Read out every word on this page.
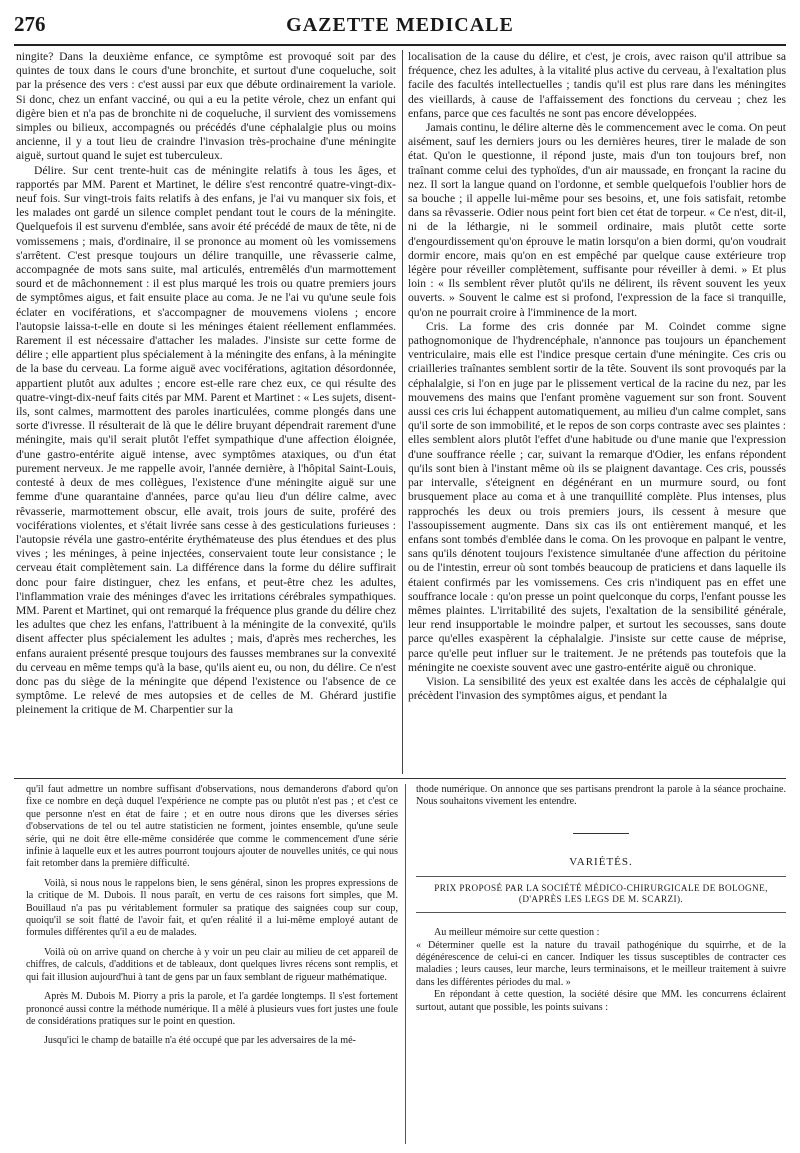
276	GAZETTE MEDICALE

ningite? Dans la deuxième enfance, ce symptôme est provoqué soit par des quintes de toux dans le cours d'une bronchite, et surtout d'une coqueluche, soit par la présence des vers : c'est aussi par eux que débute ordinairement la variole. Si donc, chez un enfant vacciné, ou qui a eu la petite vérole, chez un enfant qui digère bien et n'a pas de bronchite ni de coqueluche, il survient des vomissemens simples ou bilieux, accompagnés ou précédés d'une céphalalgie plus ou moins ancienne, il y a tout lieu de craindre l'invasion très-prochaine d'une méningite aiguë, surtout quand le sujet est tuberculeux.

Délire. Sur cent trente-huit cas de méningite relatifs à tous les âges, et rapportés par MM. Parent et Martinet, le délire s'est rencontré quatre-vingt-dix-neuf fois. Sur vingt-trois faits relatifs à des enfans, je l'ai vu manquer six fois, et les malades ont gardé un silence complet pendant tout le cours de la méningite. Quelquefois il est survenu d'emblée, sans avoir été précédé de maux de tête, ni de vomissemens ; mais, d'ordinaire, il se prononce au moment où les vomissemens s'arrêtent. C'est presque toujours un délire tranquille, une rêvasserie calme, accompagnée de mots sans suite, mal articulés, entremêlés d'un marmottement sourd et de mâchonnement : il est plus marqué les trois ou quatre premiers jours de symptômes aigus, et fait ensuite place au coma. Je ne l'ai vu qu'une seule fois éclater en vociférations, et s'accompagner de mouvemens violens ; encore l'autopsie laissa-t-elle en doute si les méninges étaient réellement enflammées. Rarement il est nécessaire d'attacher les malades. J'insiste sur cette forme de délire ; elle appartient plus spécialement à la méningite des enfans, à la méningite de la base du cerveau. La forme aiguë avec vociférations, agitation désordonnée, appartient plutôt aux adultes ; encore est-elle rare chez eux, ce qui résulte des quatre-vingt-dix-neuf faits cités par MM. Parent et Martinet : « Les sujets, disent-ils, sont calmes, marmottent des paroles inarticulées, comme plongés dans une sorte d'ivresse. Il résulterait de là que le délire bruyant dépendrait rarement d'une méningite, mais qu'il serait plutôt l'effet sympathique d'une affection éloignée, d'une gastro-entérite aiguë intense, avec symptômes ataxiques, ou d'un état purement nerveux. Je me rappelle avoir, l'année dernière, à l'hôpital Saint-Louis, contesté à deux de mes collègues, l'existence d'une méningite aiguë sur une femme d'une quarantaine d'années, parce qu'au lieu d'un délire calme, avec rêvasserie, marmottement obscur, elle avait, trois jours de suite, proféré des vociférations violentes, et s'était livrée sans cesse à des gesticulations furieuses : l'autopsie révéla une gastro-entérite érythémateuse des plus étendues et des plus vives ; les méninges, à peine injectées, conservaient toute leur consistance ; le cerveau était complètement sain. La différence dans la forme du délire suffirait donc pour faire distinguer, chez les enfans, et peut-être chez les adultes, l'inflammation vraie des méninges d'avec les irritations cérébrales sympathiques. MM. Parent et Martinet, qui ont remarqué la fréquence plus grande du délire chez les adultes que chez les enfans, l'attribuent à la méningite de la convexité, qu'ils disent affecter plus spécialement les adultes ; mais, d'après mes recherches, les enfans auraient présenté presque toujours des fausses membranes sur la convexité du cerveau en même temps qu'à la base, qu'ils aient eu, ou non, du délire. Ce n'est donc pas du siège de la méningite que dépend l'existence ou l'absence de ce symptôme. Le relevé de mes autopsies et de celles de M. Ghérard justifie pleinement la critique de M. Charpentier sur la

localisation de la cause du délire, et c'est, je crois, avec raison qu'il attribue sa fréquence, chez les adultes, à la vitalité plus active du cerveau, à l'exaltation plus facile des facultés intellectuelles ; tandis qu'il est plus rare dans les méningites des vieillards, à cause de l'affaissement des fonctions du cerveau ; chez les enfans, parce que ces facultés ne sont pas encore développées.

Jamais continu, le délire alterne dès le commencement avec le coma. On peut aisément, sauf les derniers jours ou les dernières heures, tirer le malade de son état. Qu'on le questionne, il répond juste, mais d'un ton toujours bref, non traînant comme celui des typhoïdes, d'un air maussade, en fronçant la racine du nez. Il sort la langue quand on l'ordonne, et semble quelquefois l'oublier hors de sa bouche ; il appelle lui-même pour ses besoins, et, une fois satisfait, retombe dans sa rêvasserie. Odier nous peint fort bien cet état de torpeur. « Ce n'est, dit-il, ni de la léthargie, ni le sommeil ordinaire, mais plutôt cette sorte d'engourdissement qu'on éprouve le matin lorsqu'on a bien dormi, qu'on voudrait dormir encore, mais qu'on en est empêché par quelque cause extérieure trop légère pour réveiller complètement, suffisante pour réveiller à demi. » Et plus loin : « Ils semblent rêver plutôt qu'ils ne délirent, ils rêvent souvent les yeux ouverts. » Souvent le calme est si profond, l'expression de la face si tranquille, qu'on ne pourrait croire à l'imminence de la mort.

Cris. La forme des cris donnée par M. Coindet comme signe pathognomonique de l'hydrencéphale, n'annonce pas toujours un épanchement ventriculaire, mais elle est l'indice presque certain d'une méningite. Ces cris ou criailleries traînantes semblent sortir de la tête. Souvent ils sont provoqués par la céphalalgie, si l'on en juge par le plissement vertical de la racine du nez, par les mouvemens des mains que l'enfant promène vaguement sur son front. Souvent aussi ces cris lui échappent automatiquement, au milieu d'un calme complet, sans qu'il sorte de son immobilité, et le repos de son corps contraste avec ses plaintes : elles semblent alors plutôt l'effet d'une habitude ou d'une manie que l'expression d'une souffrance réelle ; car, suivant la remarque d'Odier, les enfans répondent qu'ils sont bien à l'instant même où ils se plaignent davantage. Ces cris, poussés par intervalle, s'éteignent en dégénérant en un murmure sourd, ou font brusquement place au coma et à une tranquillité complète. Plus intenses, plus rapprochés les deux ou trois premiers jours, ils cessent à mesure que l'assoupissement augmente. Dans six cas ils ont entièrement manqué, et les enfans sont tombés d'emblée dans le coma. On les provoque en palpant le ventre, sans qu'ils dénotent toujours l'existence simultanée d'une affection du péritoine ou de l'intestin, erreur où sont tombés beaucoup de praticiens et dans laquelle ils étaient confirmés par les vomissemens. Ces cris n'indiquent pas en effet une souffrance locale : qu'on presse un point quelconque du corps, l'enfant pousse les mêmes plaintes. L'irritabilité des sujets, l'exaltation de la sensibilité générale, leur rend insupportable le moindre palper, et surtout les secousses, sans doute parce qu'elles exaspèrent la céphalalgie. J'insiste sur cette cause de méprise, parce qu'elle peut influer sur le traitement. Je ne prétends pas toutefois que la méningite ne coexiste souvent avec une gastro-entérite aiguë ou chronique.

Vision. La sensibilité des yeux est exaltée dans les accès de céphalalgie qui précèdent l'invasion des symptômes aigus, et pendant la

qu'il faut admettre un nombre suffisant d'observations, nous demanderons d'abord qu'on fixe ce nombre en deçà duquel l'expérience ne compte pas ou plutôt n'est pas ; et c'est ce que personne n'est en état de faire ; et en outre nous dirons que les diverses séries d'observations de tel ou tel autre statisticien ne forment, jointes ensemble, qu'une seule série, qui ne doit être elle-même considérée que comme le commencement d'une série infinie à laquelle eux et les autres pourront toujours ajouter de nouvelles unités, ce qui nous fait retomber dans la première difficulté.

Voilà, si nous nous le rappelons bien, le sens général, sinon les propres expressions de la critique de M. Dubois. Il nous paraît, en vertu de ces raisons fort simples, que M. Bouillaud n'a pas pu véritablement formuler sa pratique des saignées coup sur coup, quoiqu'il se soit flatté de l'avoir fait, et qu'en réalité il a lui-même employé autant de formules différentes qu'il a eu de malades.

Voilà où on arrive quand on cherche à y voir un peu clair au milieu de cet appareil de chiffres, de calculs, d'additions et de tableaux, dont quelques livres récens sont remplis, et qui fait illusion aujourd'hui à tant de gens par un faux semblant de rigueur mathématique.

Après M. Dubois M. Piorry a pris la parole, et l'a gardée longtemps. Il s'est fortement prononcé aussi contre la méthode numérique. Il a mêlé à plusieurs vues fort justes une foule de considérations pratiques sur le point en question.

Jusqu'ici le champ de bataille n'a été occupé que par les adversaires de la mé-

thode numérique. On annonce que ses partisans prendront la parole à la séance prochaine. Nous souhaitons vivement les entendre.

VARIÉTÉS.
PRIX PROPOSÉ PAR LA SOCIÉTÉ MÉDICO-CHIRURGICALE DE BOLOGNE, (D'APRÈS LES LEGS DE M. SCARZI).

Au meilleur mémoire sur cette question :

« Déterminer quelle est la nature du travail pathogénique du squirrhe, et de la dégénérescence de celui-ci en cancer. Indiquer les tissus susceptibles de contracter ces maladies ; leurs causes, leur marche, leurs terminaisons, et le meilleur traitement à suivre dans les différentes périodes du mal. »

En répondant à cette question, la société désire que MM. les concurrens éclairent surtout, autant que possible, les points suivans :
